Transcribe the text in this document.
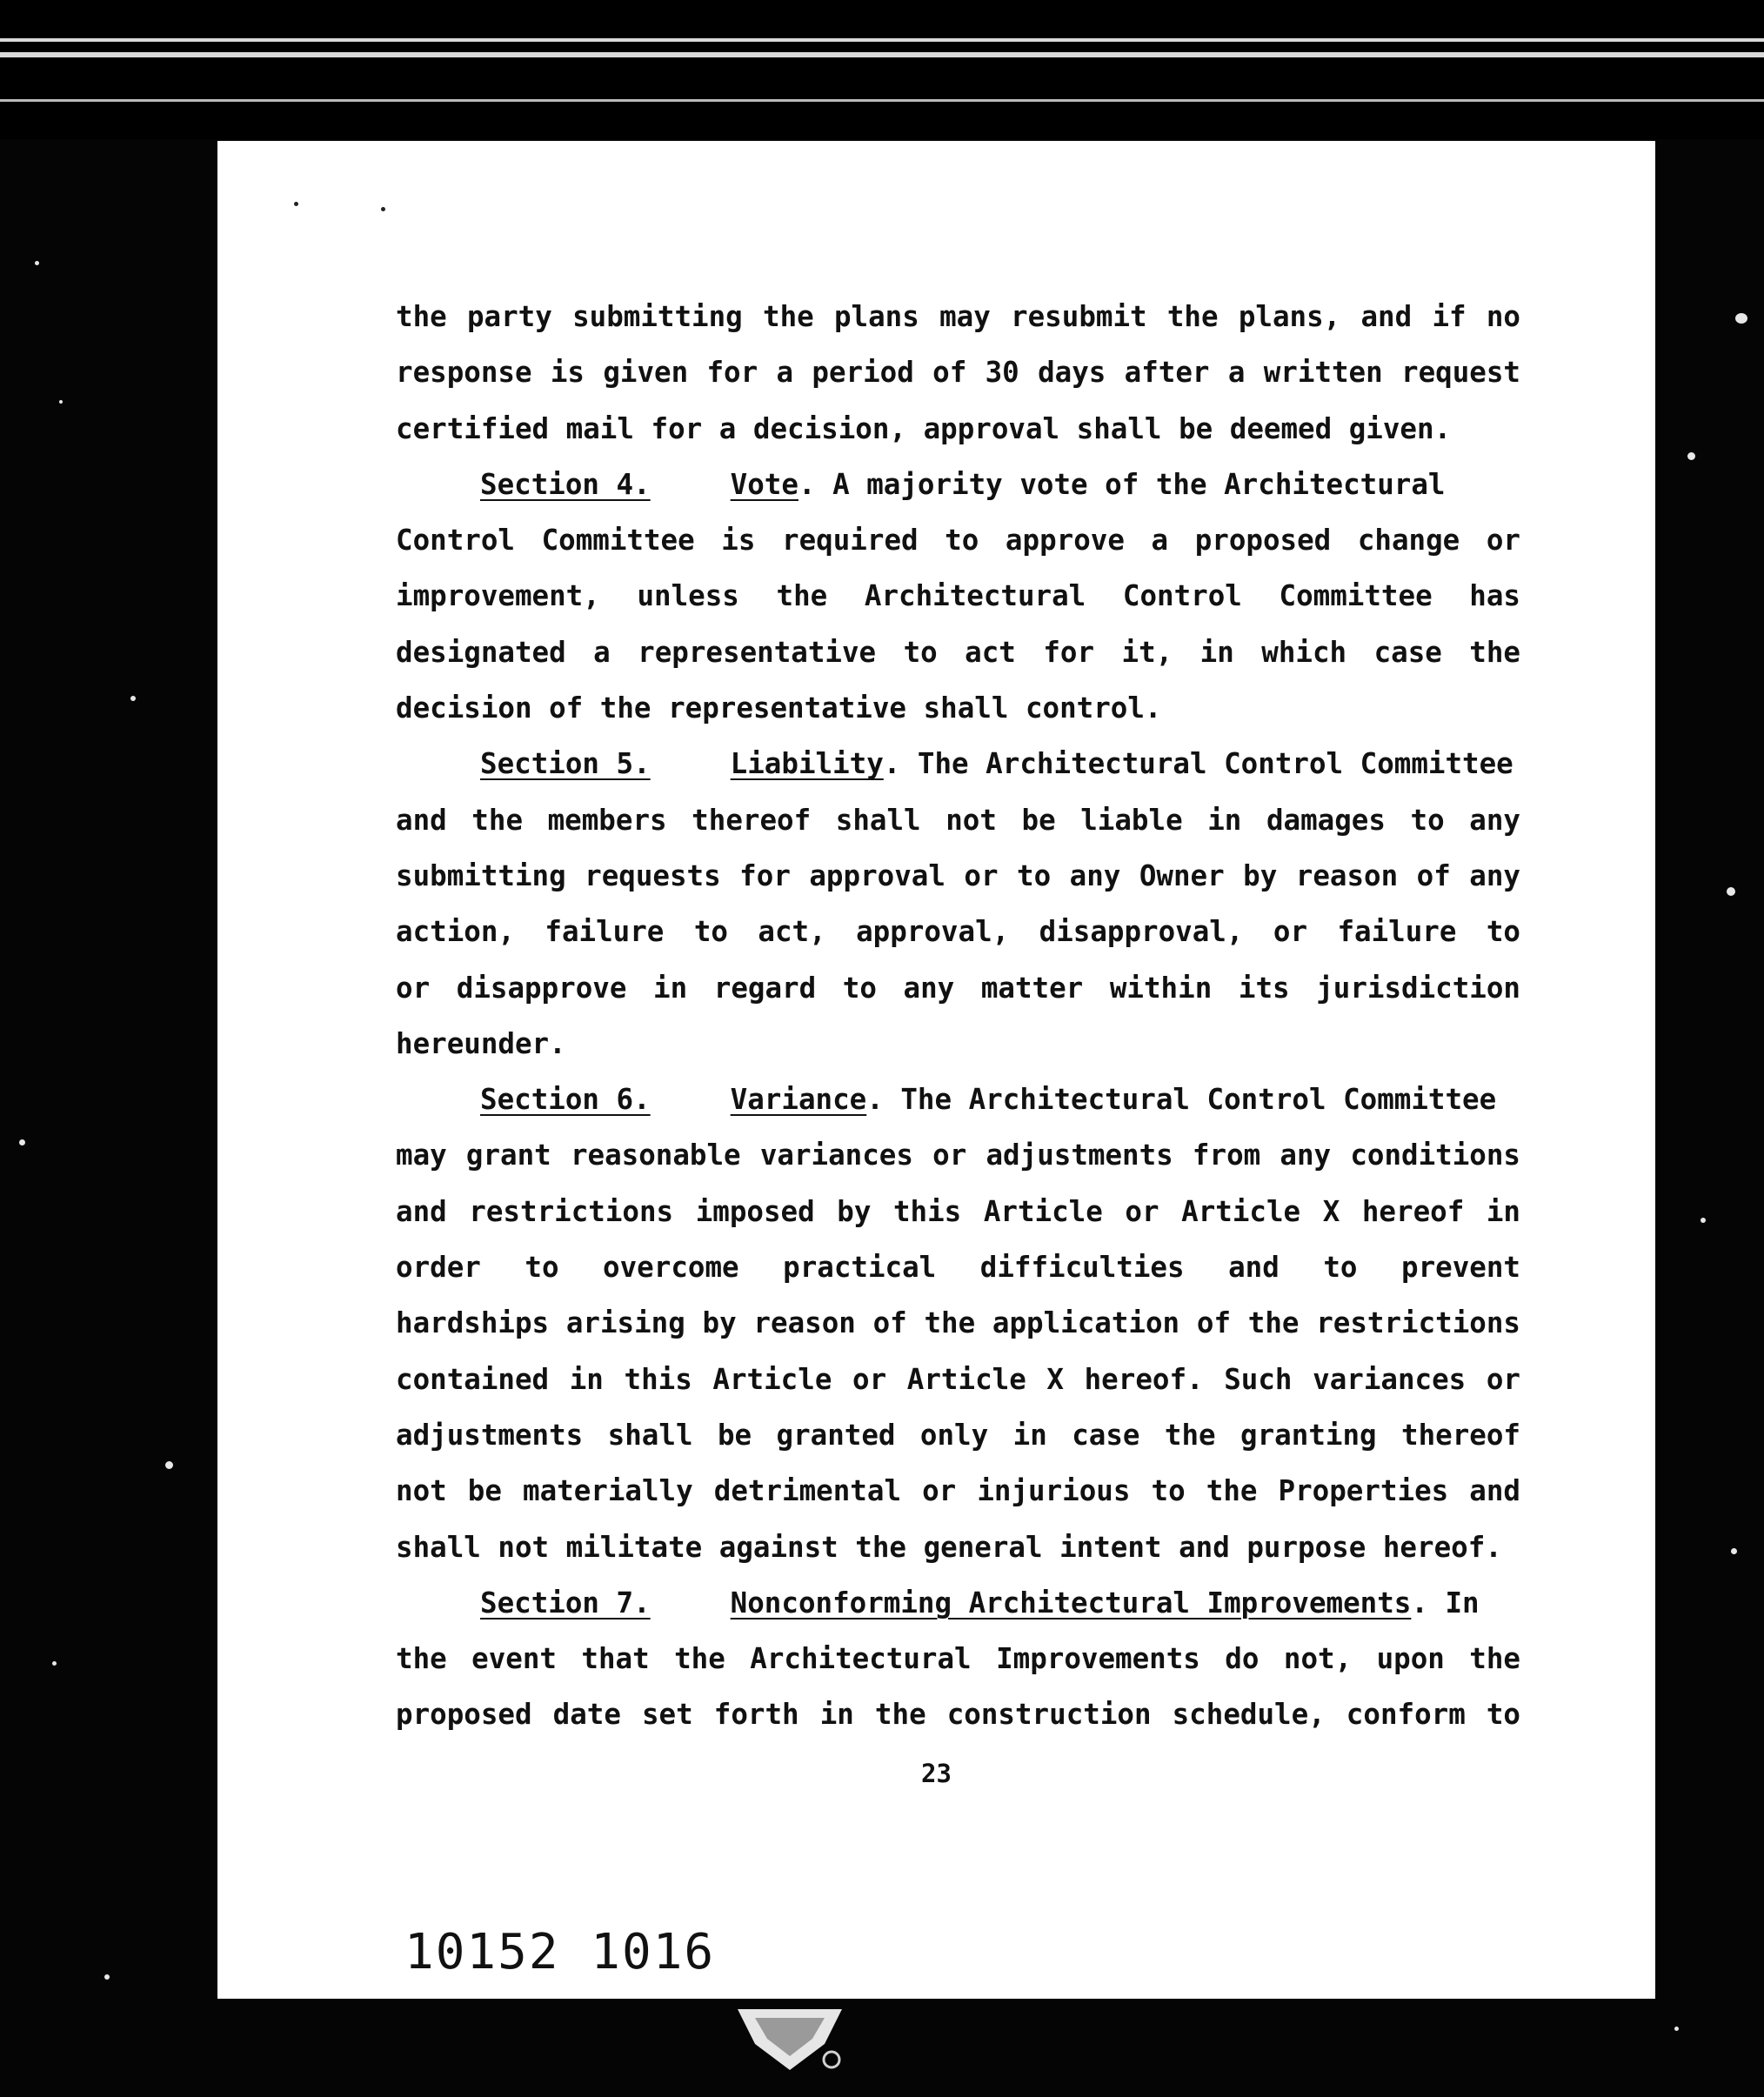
the party submitting the plans may resubmit the plans, and if no
response is given for a period of 30 days after a written request
certified mail for a decision, approval shall be deemed given.
Section 4.	Vote. A majority vote of the Architectural
Control Committee is required to approve a proposed change or
improvement, unless the Architectural Control Committee has
designated a representative to act for it, in which case the
decision of the representative shall control.
Section 5.	Liability. The Architectural Control Committee
and the members thereof shall not be liable in damages to any
submitting requests for approval or to any Owner by reason of any
action, failure to act, approval, disapproval, or failure to
or disapprove in regard to any matter within its jurisdiction
hereunder.
Section 6.	Variance. The Architectural Control Committee
may grant reasonable variances or adjustments from any conditions
and restrictions imposed by this Article or Article X hereof in
order to overcome practical difficulties and to prevent
hardships arising by reason of the application of the restrictions
contained in this Article or Article X hereof. Such variances or
adjustments shall be granted only in case the granting thereof
not be materially detrimental or injurious to the Properties and
shall not militate against the general intent and purpose hereof.
Section 7.	Nonconforming Architectural Improvements. In
the event that the Architectural Improvements do not, upon the
proposed date set forth in the construction schedule, conform to
23
10152 1016
